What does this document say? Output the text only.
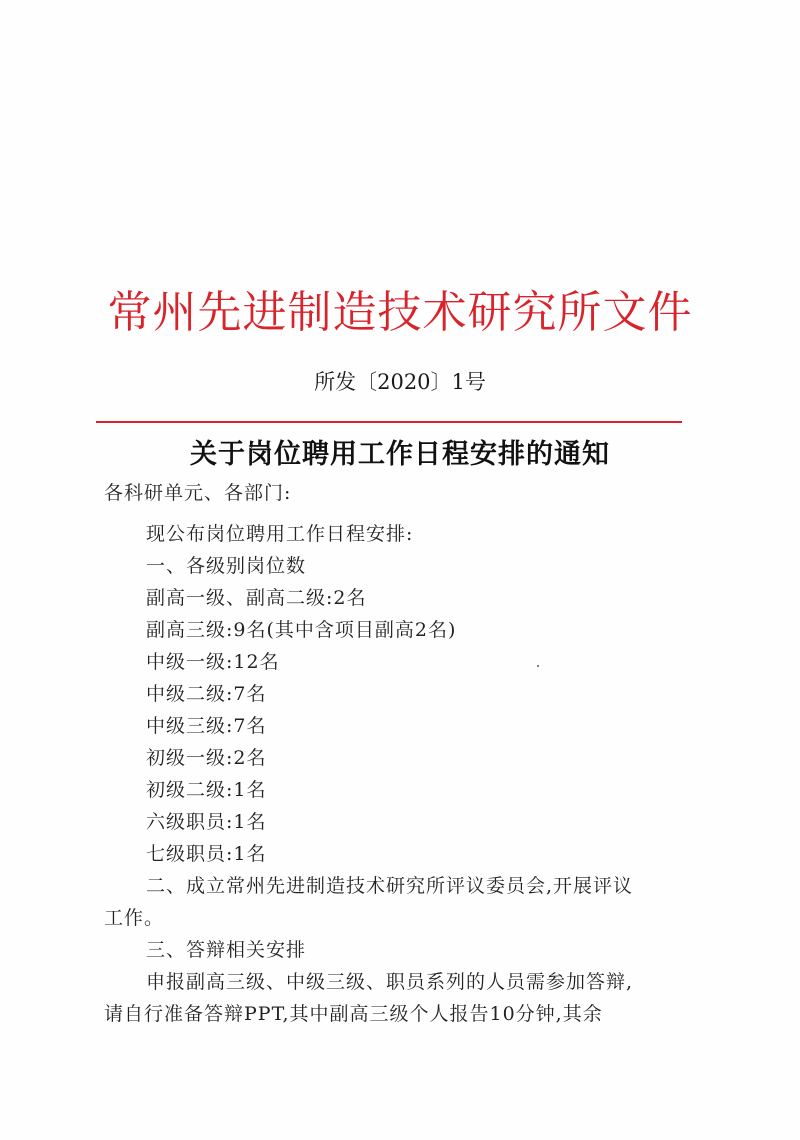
常州先进制造技术研究所文件
所发〔2020〕1号
关于岗位聘用工作日程安排的通知
各科研单元、各部门:
现公布岗位聘用工作日程安排:
一、各级别岗位数
副高一级、副高二级:2名
副高三级:9名(其中含项目副高2名)
中级一级:12名
中级二级:7名
中级三级:7名
初级一级:2名
初级二级:1名
六级职员:1名
七级职员:1名
二、成立常州先进制造技术研究所评议委员会,开展评议
工作。
三、答辩相关安排
申报副高三级、中级三级、职员系列的人员需参加答辩,
请自行准备答辩PPT,其中副高三级个人报告10分钟,其余
